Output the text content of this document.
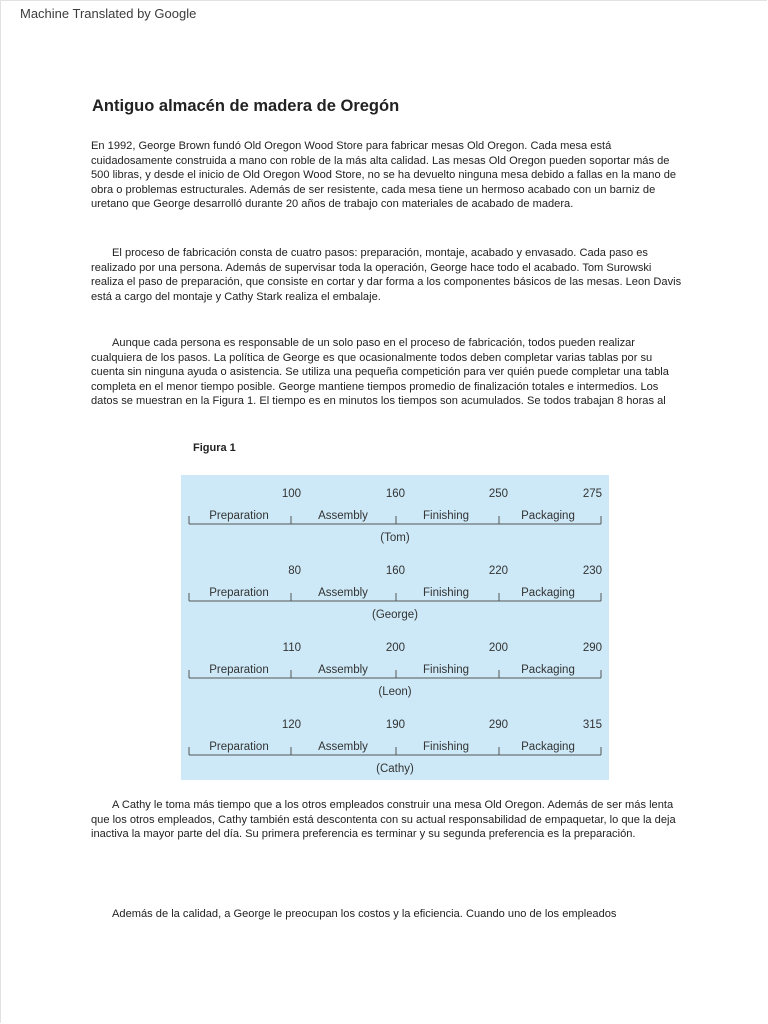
Machine Translated by Google
Antiguo almacén de madera de Oregón

En 1992, George Brown fundó Old Oregon Wood Store para fabricar mesas Old Oregon. Cada mesa está cuidadosamente construida a mano con roble de la más alta calidad. Las mesas Old Oregon pueden soportar más de 500 libras, y desde el inicio de Old Oregon Wood Store, no se ha devuelto ninguna mesa debido a fallas en la mano de obra o problemas estructurales. Además de ser resistente, cada mesa tiene un hermoso acabado con un barniz de uretano que George desarrolló durante 20 años de trabajo con materiales de acabado de madera.

El proceso de fabricación consta de cuatro pasos: preparación, montaje, acabado y envasado. Cada paso es realizado por una persona. Además de supervisar toda la operación, George hace todo el acabado. Tom Surowski realiza el paso de preparación, que consiste en cortar y dar forma a los componentes básicos de las mesas. Leon Davis está a cargo del montaje y Cathy Stark realiza el embalaje.

Aunque cada persona es responsable de un solo paso en el proceso de fabricación, todos pueden realizar cualquiera de los pasos. La política de George es que ocasionalmente todos deben completar varias tablas por su cuenta sin ninguna ayuda o asistencia. Se utiliza una pequeña competición para ver quién puede completar una tabla completa en el menor tiempo posible. George mantiene tiempos promedio de finalización totales e intermedios. Los datos se muestran en la Figura 1. El tiempo es en minutos los tiempos son acumulados. Se todos trabajan 8 horas al

Figura 1
Preparation	Assembly	Finishing	Packaging
100	160	250	275
(Tom)
Preparation	Assembly	Finishing	Packaging
80	160	220	230
(George)
Preparation	Assembly	Finishing	Packaging
110	200	200	290
(Leon)
Preparation	Assembly	Finishing	Packaging
120	190	290	315
(Cathy)

A Cathy le toma más tiempo que a los otros empleados construir una mesa Old Oregon. Además de ser más lenta que los otros empleados, Cathy también está descontenta con su actual responsabilidad de empaquetar, lo que la deja inactiva la mayor parte del día. Su primera preferencia es terminar y su segunda preferencia es la preparación.

Además de la calidad, a George le preocupan los costos y la eficiencia. Cuando uno de los empleados
